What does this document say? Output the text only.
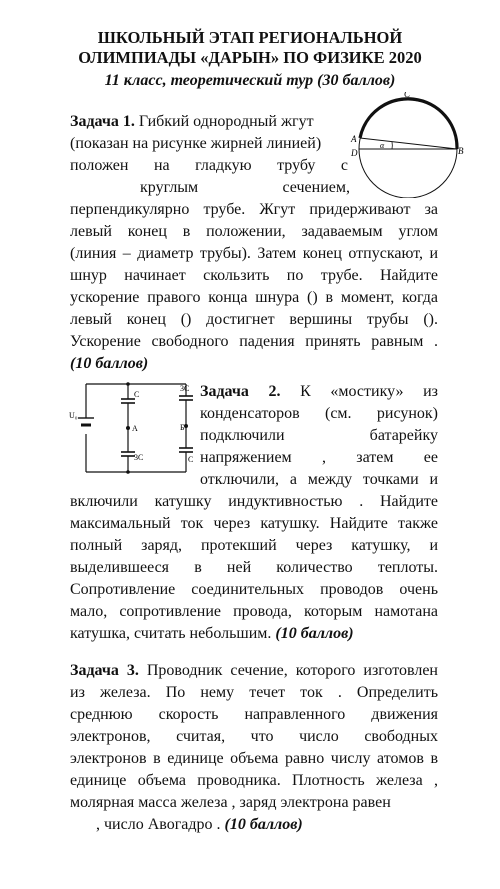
ШКОЛЬНЫЙ ЭТАП РЕГИОНАЛЬНОЙ
ОЛИМПИАДЫ «ДАРЫН» ПО ФИЗИКЕ 2020
11 класс, теоретический тур (30 баллов)
Задача 1. Гибкий однородный жгут
(показан на рисунке жирней линией)
положен на гладкую трубу с
круглым сечением,
перпендикулярно трубе. Жгут придерживают за
левый конец в положении, задаваемым углом
(линия – диаметр трубы). Затем конец отпускают, и
шнур начинает скользить по трубе. Найдите
ускорение правого конца шнура () в момент, когда
левый конец () достигнет вершины трубы ().
Ускорение свободного падения принять равным .
(10 баллов)
C
A
D	B
α
C
3C
3C	C
U₀
A	Б
Задача 2. К «мостику» из
конденсаторов (см. рисунок)
подключили батарейку
напряжением , затем ее
отключили, а между точками и
включили катушку индуктивностью . Найдите
максимальный ток через катушку. Найдите также
полный заряд, протекший через катушку, и
выделившееся в ней количество теплоты.
Сопротивление соединительных проводов очень
мало, сопротивление провода, которым намотана
катушка, считать небольшим. (10 баллов)
Задача 3. Проводник сечение, которого изготовлен
из железа. По нему течет ток . Определить
среднюю скорость направленного движения
электронов, считая, что число свободных
электронов в единице объема равно числу атомов в
единице объема проводника. Плотность железа ,
молярная масса железа , заряд электрона равен
, число Авогадро . (10 баллов)
